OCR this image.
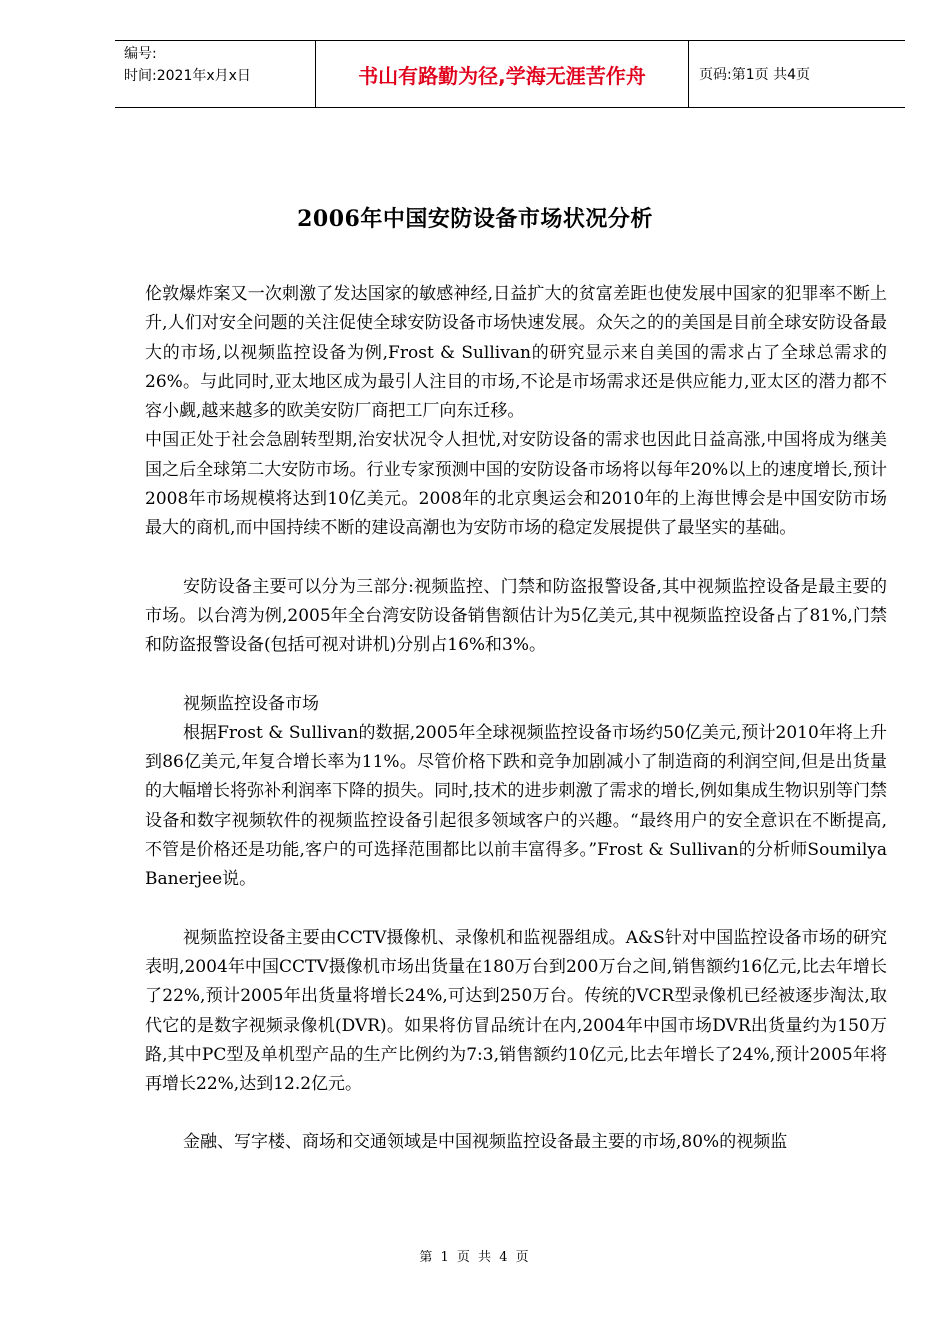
编号:
时间:2021年x月x日	书山有路勤为径,学海无涯苦作舟	页码:第1页 共4页
2006年中国安防设备市场状况分析

伦敦爆炸案又一次刺激了发达国家的敏感神经,日益扩大的贫富差距也使发展中国家的犯罪率不断上升,人们对安全问题的关注促使全球安防设备市场快速发展。众矢之的的美国是目前全球安防设备最大的市场,以视频监控设备为例,Frost & Sullivan的研究显示来自美国的需求占了全球总需求的26%。与此同时,亚太地区成为最引人注目的市场,不论是市场需求还是供应能力,亚太区的潜力都不容小觑,越来越多的欧美安防厂商把工厂向东迁移。

中国正处于社会急剧转型期,治安状况令人担忧,对安防设备的需求也因此日益高涨,中国将成为继美国之后全球第二大安防市场。行业专家预测中国的安防设备市场将以每年20%以上的速度增长,预计2008年市场规模将达到10亿美元。2008年的北京奥运会和2010年的上海世博会是中国安防市场最大的商机,而中国持续不断的建设高潮也为安防市场的稳定发展提供了最坚实的基础。

安防设备主要可以分为三部分:视频监控、门禁和防盗报警设备,其中视频监控设备是最主要的市场。以台湾为例,2005年全台湾安防设备销售额估计为5亿美元,其中视频监控设备占了81%,门禁和防盗报警设备(包括可视对讲机)分别占16%和3%。

视频监控设备市场

根据Frost & Sullivan的数据,2005年全球视频监控设备市场约50亿美元,预计2010年将上升到86亿美元,年复合增长率为11%。尽管价格下跌和竞争加剧减小了制造商的利润空间,但是出货量的大幅增长将弥补利润率下降的损失。同时,技术的进步刺激了需求的增长,例如集成生物识别等门禁设备和数字视频软件的视频监控设备引起很多领域客户的兴趣。“最终用户的安全意识在不断提高,不管是价格还是功能,客户的可选择范围都比以前丰富得多。”Frost & Sullivan的分析师Soumilya Banerjee说。

视频监控设备主要由CCTV摄像机、录像机和监视器组成。A&S针对中国监控设备市场的研究表明,2004年中国CCTV摄像机市场出货量在180万台到200万台之间,销售额约16亿元,比去年增长了22%,预计2005年出货量将增长24%,可达到250万台。传统的VCR型录像机已经被逐步淘汰,取代它的是数字视频录像机(DVR)。如果将仿冒品统计在内,2004年中国市场DVR出货量约为150万路,其中PC型及单机型产品的生产比例约为7:3,销售额约10亿元,比去年增长了24%,预计2005年将再增长22%,达到12.2亿元。

金融、写字楼、商场和交通领域是中国视频监控设备最主要的市场,80%的视频监

第 1 页 共 4 页
